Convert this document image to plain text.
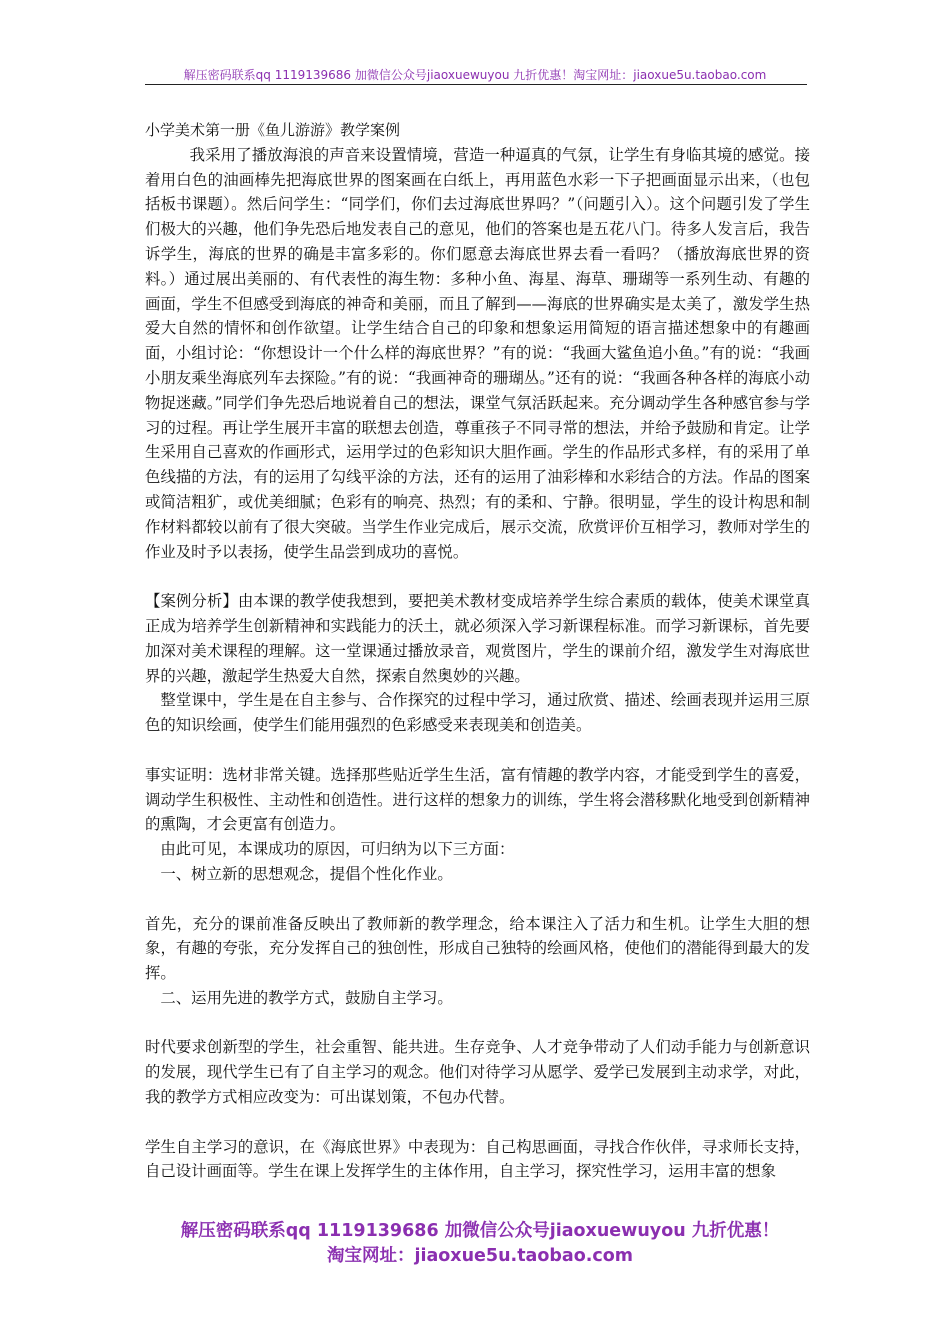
解压密码联系qq 1119139686 加微信公众号jiaoxuewuyou 九折优惠！淘宝网址：jiaoxue5u.taobao.com

小学美术第一册《鱼儿游游》教学案例

我采用了播放海浪的声音来设置情境，营造一种逼真的气氛，让学生有身临其境的感觉。接着用白色的油画棒先把海底世界的图案画在白纸上，再用蓝色水彩一下子把画面显示出来，（也包括板书课题）。然后问学生：“同学们，你们去过海底世界吗？”（问题引入）。这个问题引发了学生们极大的兴趣，他们争先恐后地发表自己的意见，他们的答案也是五花八门。待多人发言后，我告诉学生，海底的世界的确是丰富多彩的。你们愿意去海底世界去看一看吗？（播放海底世界的资料。）通过展出美丽的、有代表性的海生物：多种小鱼、海星、海草、珊瑚等一系列生动、有趣的画面，学生不但感受到海底的神奇和美丽，而且了解到——海底的世界确实是太美了，激发学生热爱大自然的情怀和创作欲望。让学生结合自己的印象和想象运用简短的语言描述想象中的有趣画面，小组讨论：“你想设计一个什么样的海底世界？”有的说：“我画大鲨鱼追小鱼。”有的说：“我画小朋友乘坐海底列车去探险。”有的说：“我画神奇的珊瑚丛。”还有的说：“我画各种各样的海底小动物捉迷藏。”同学们争先恐后地说着自己的想法，课堂气氛活跃起来。充分调动学生各种感官参与学习的过程。再让学生展开丰富的联想去创造，尊重孩子不同寻常的想法，并给予鼓励和肯定。让学生采用自己喜欢的作画形式，运用学过的色彩知识大胆作画。学生的作品形式多样，有的采用了单色线描的方法，有的运用了勾线平涂的方法，还有的运用了油彩棒和水彩结合的方法。作品的图案或简洁粗犷，或优美细腻；色彩有的响亮、热烈；有的柔和、宁静。很明显，学生的设计构思和制作材料都较以前有了很大突破。当学生作业完成后，展示交流，欣赏评价互相学习，教师对学生的作业及时予以表扬，使学生品尝到成功的喜悦。

【案例分析】由本课的教学使我想到，要把美术教材变成培养学生综合素质的载体，使美术课堂真正成为培养学生创新精神和实践能力的沃土，就必须深入学习新课程标准。而学习新课标，首先要加深对美术课程的理解。这一堂课通过播放录音，观赏图片，学生的课前介绍，激发学生对海底世界的兴趣，激起学生热爱大自然，探索自然奥妙的兴趣。

整堂课中，学生是在自主参与、合作探究的过程中学习，通过欣赏、描述、绘画表现并运用三原色的知识绘画，使学生们能用强烈的色彩感受来表现美和创造美。

事实证明：选材非常关键。选择那些贴近学生生活，富有情趣的教学内容，才能受到学生的喜爱，调动学生积极性、主动性和创造性。进行这样的想象力的训练，学生将会潜移默化地受到创新精神的熏陶，才会更富有创造力。

由此可见，本课成功的原因，可归纳为以下三方面：

一、树立新的思想观念，提倡个性化作业。

首先，充分的课前准备反映出了教师新的教学理念，给本课注入了活力和生机。让学生大胆的想象，有趣的夸张，充分发挥自己的独创性，形成自己独特的绘画风格，使他们的潜能得到最大的发挥。

二、运用先进的教学方式，鼓励自主学习。

时代要求创新型的学生，社会重智、能共进。生存竞争、人才竞争带动了人们动手能力与创新意识的发展，现代学生已有了自主学习的观念。他们对待学习从愿学、爱学已发展到主动求学，对此，我的教学方式相应改变为：可出谋划策，不包办代替。

学生自主学习的意识，在《海底世界》中表现为：自己构思画面，寻找合作伙伴，寻求师长支持，自己设计画面等。学生在课上发挥学生的主体作用，自主学习，探究性学习，运用丰富的想象

解压密码联系qq 1119139686 加微信公众号jiaoxuewuyou 九折优惠！
淘宝网址：jiaoxue5u.taobao.com
